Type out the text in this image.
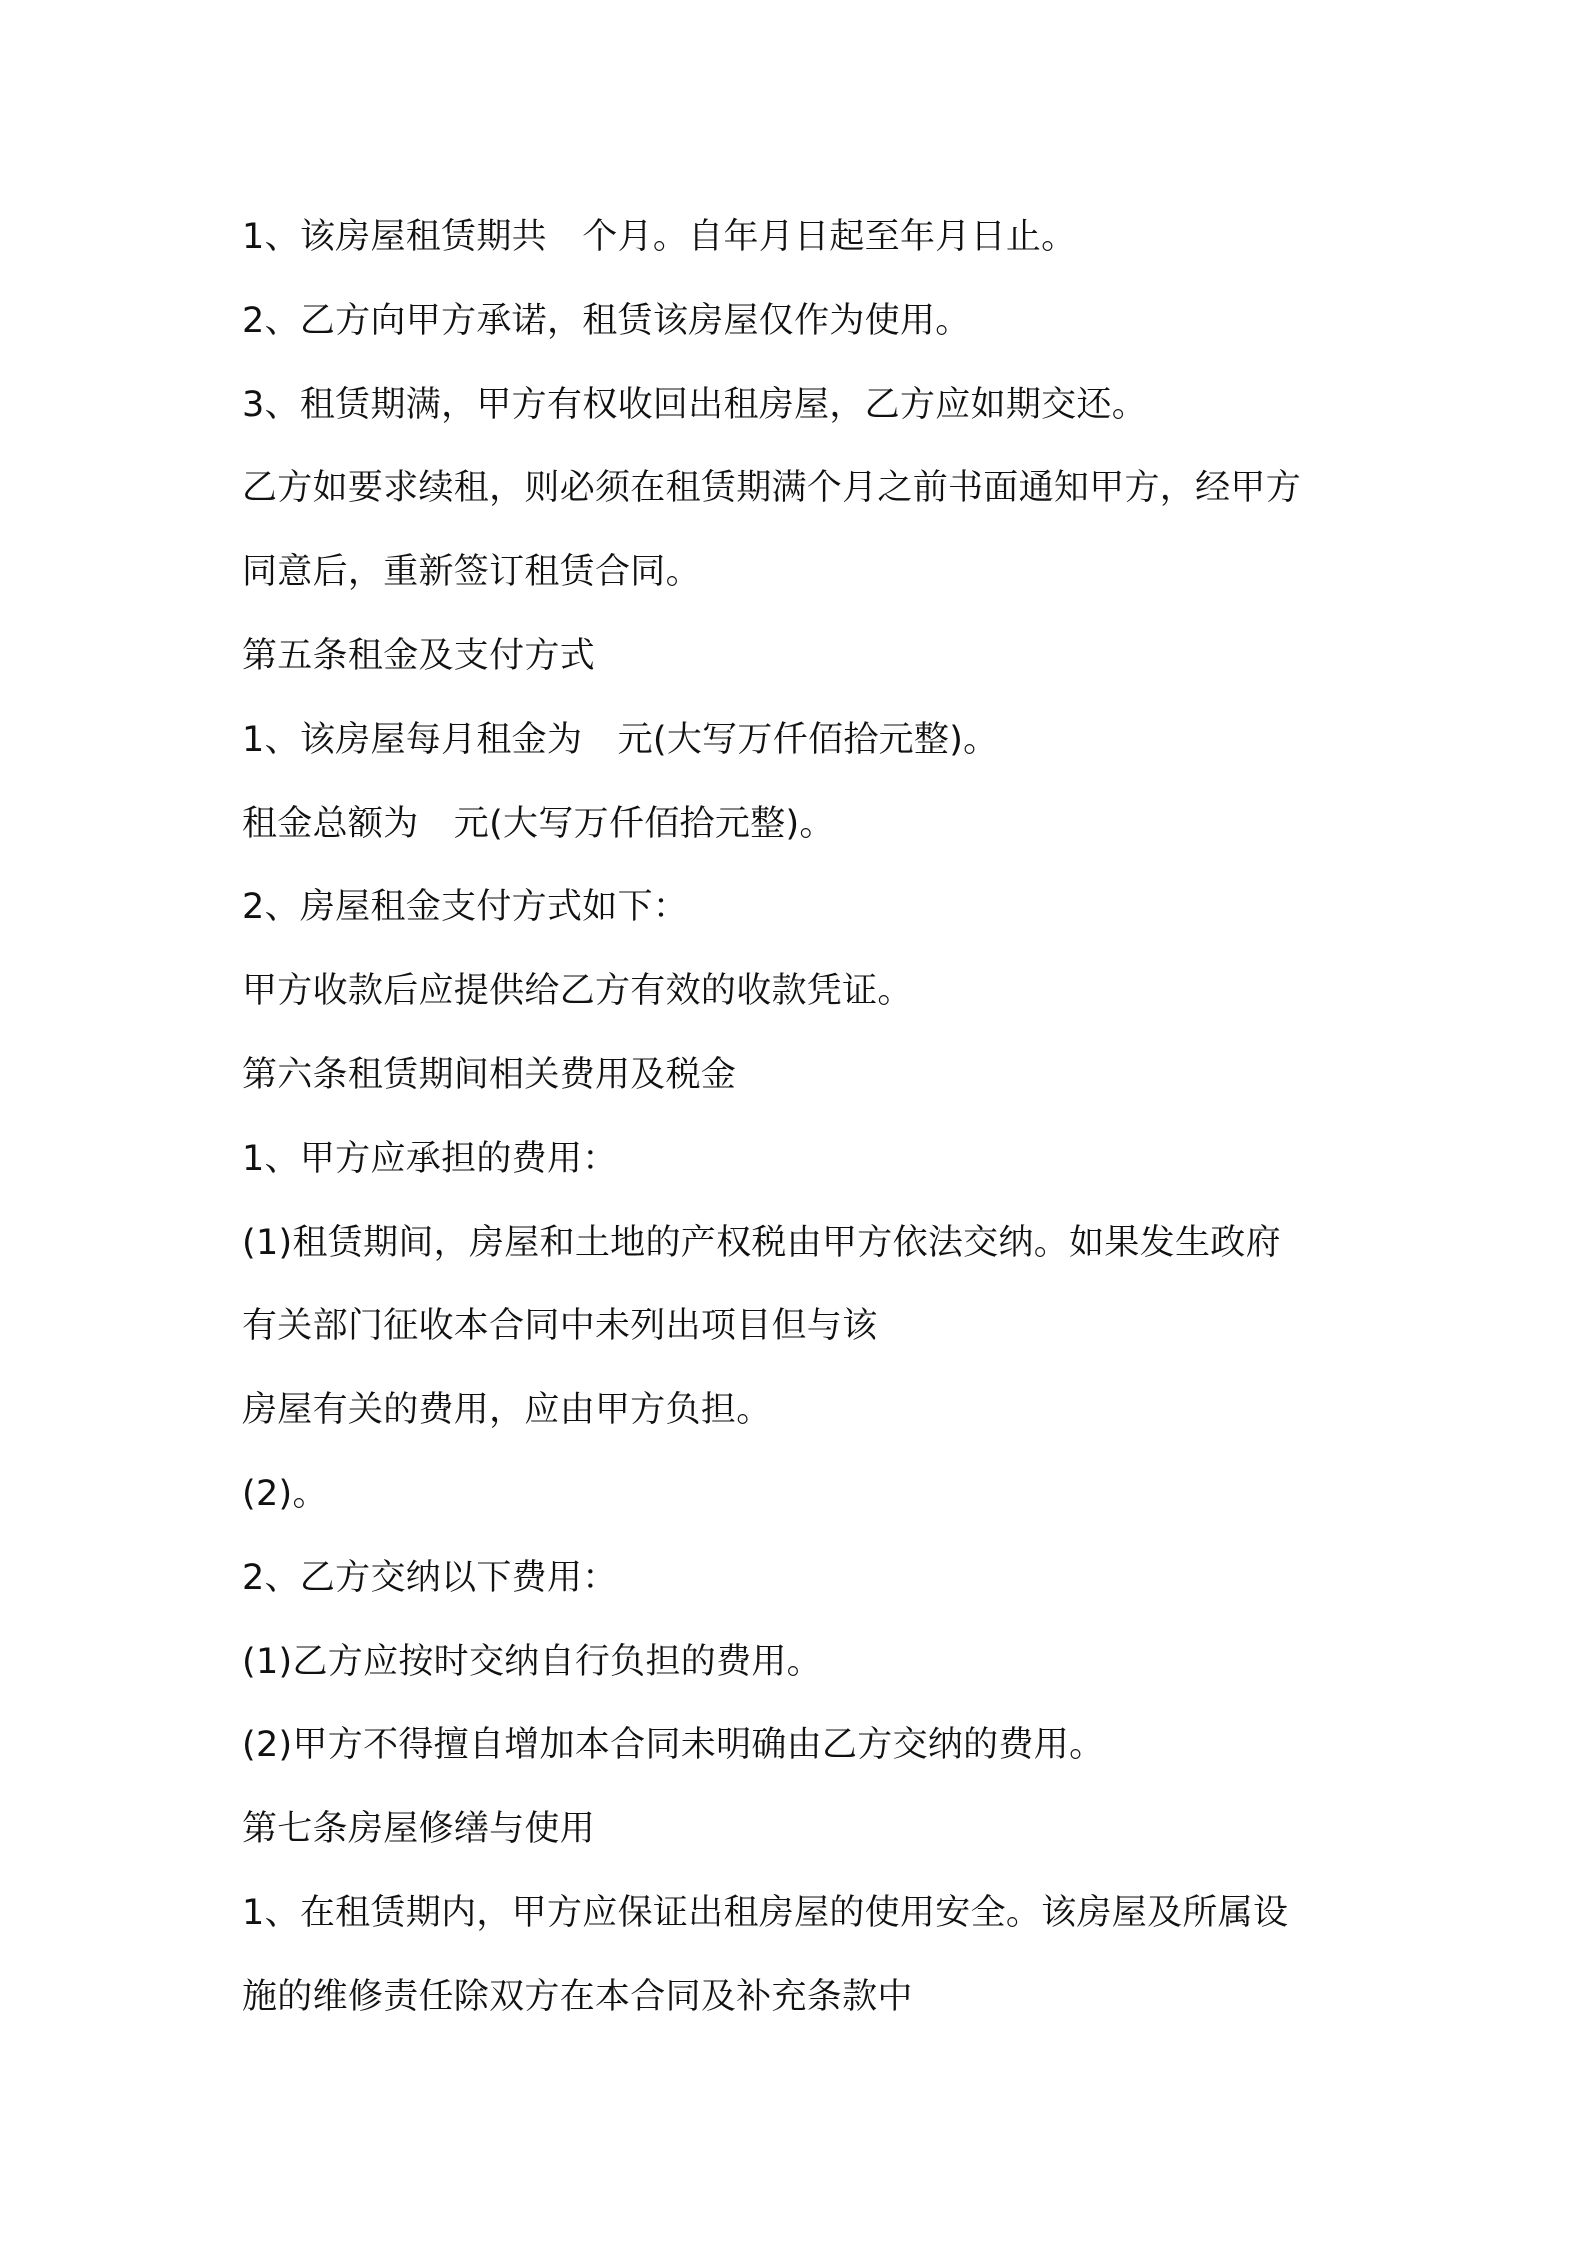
1、该房屋租赁期共　个月。自年月日起至年月日止。
2、乙方向甲方承诺，租赁该房屋仅作为使用。
3、租赁期满，甲方有权收回出租房屋，乙方应如期交还。
乙方如要求续租，则必须在租赁期满个月之前书面通知甲方，经甲方
同意后，重新签订租赁合同。
第五条租金及支付方式
1、该房屋每月租金为　元(大写万仟佰拾元整)。
租金总额为　元(大写万仟佰拾元整)。
2、房屋租金支付方式如下：
甲方收款后应提供给乙方有效的收款凭证。
第六条租赁期间相关费用及税金
1、甲方应承担的费用：
(1)租赁期间，房屋和土地的产权税由甲方依法交纳。如果发生政府
有关部门征收本合同中未列出项目但与该
房屋有关的费用，应由甲方负担。
(2)。
2、乙方交纳以下费用：
(1)乙方应按时交纳自行负担的费用。
(2)甲方不得擅自增加本合同未明确由乙方交纳的费用。
第七条房屋修缮与使用
1、在租赁期内，甲方应保证出租房屋的使用安全。该房屋及所属设
施的维修责任除双方在本合同及补充条款中
